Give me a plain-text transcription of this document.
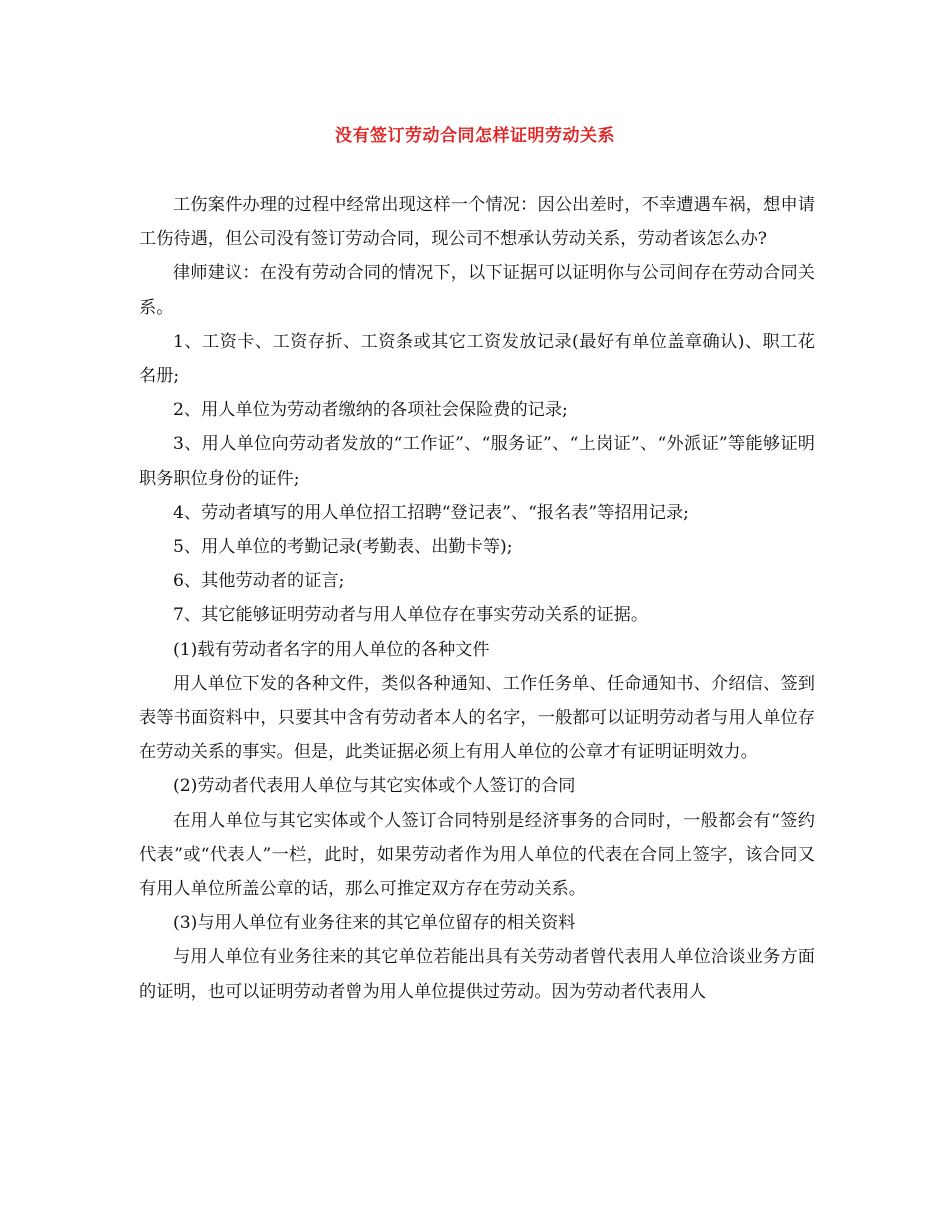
没有签订劳动合同怎样证明劳动关系

工伤案件办理的过程中经常出现这样一个情况：因公出差时，不幸遭遇车祸，想申请工伤待遇，但公司没有签订劳动合同，现公司不想承认劳动关系，劳动者该怎么办?

律师建议：在没有劳动合同的情况下，以下证据可以证明你与公司间存在劳动合同关系。

1、工资卡、工资存折、工资条或其它工资发放记录(最好有单位盖章确认)、职工花名册;

2、用人单位为劳动者缴纳的各项社会保险费的记录;

3、用人单位向劳动者发放的“工作证”、“服务证”、“上岗证”、“外派证”等能够证明职务职位身份的证件;

4、劳动者填写的用人单位招工招聘“登记表”、“报名表”等招用记录;

5、用人单位的考勤记录(考勤表、出勤卡等);

6、其他劳动者的证言;

7、其它能够证明劳动者与用人单位存在事实劳动关系的证据。

(1)载有劳动者名字的用人单位的各种文件

用人单位下发的各种文件，类似各种通知、工作任务单、任命通知书、介绍信、签到表等书面资料中，只要其中含有劳动者本人的名字，一般都可以证明劳动者与用人单位存在劳动关系的事实。但是，此类证据必须上有用人单位的公章才有证明证明效力。

(2)劳动者代表用人单位与其它实体或个人签订的合同

在用人单位与其它实体或个人签订合同特别是经济事务的合同时，一般都会有“签约代表”或“代表人”一栏，此时，如果劳动者作为用人单位的代表在合同上签字，该合同又有用人单位所盖公章的话，那么可推定双方存在劳动关系。

(3)与用人单位有业务往来的其它单位留存的相关资料

与用人单位有业务往来的其它单位若能出具有关劳动者曾代表用人单位洽谈业务方面的证明，也可以证明劳动者曾为用人单位提供过劳动。因为劳动者代表用人
